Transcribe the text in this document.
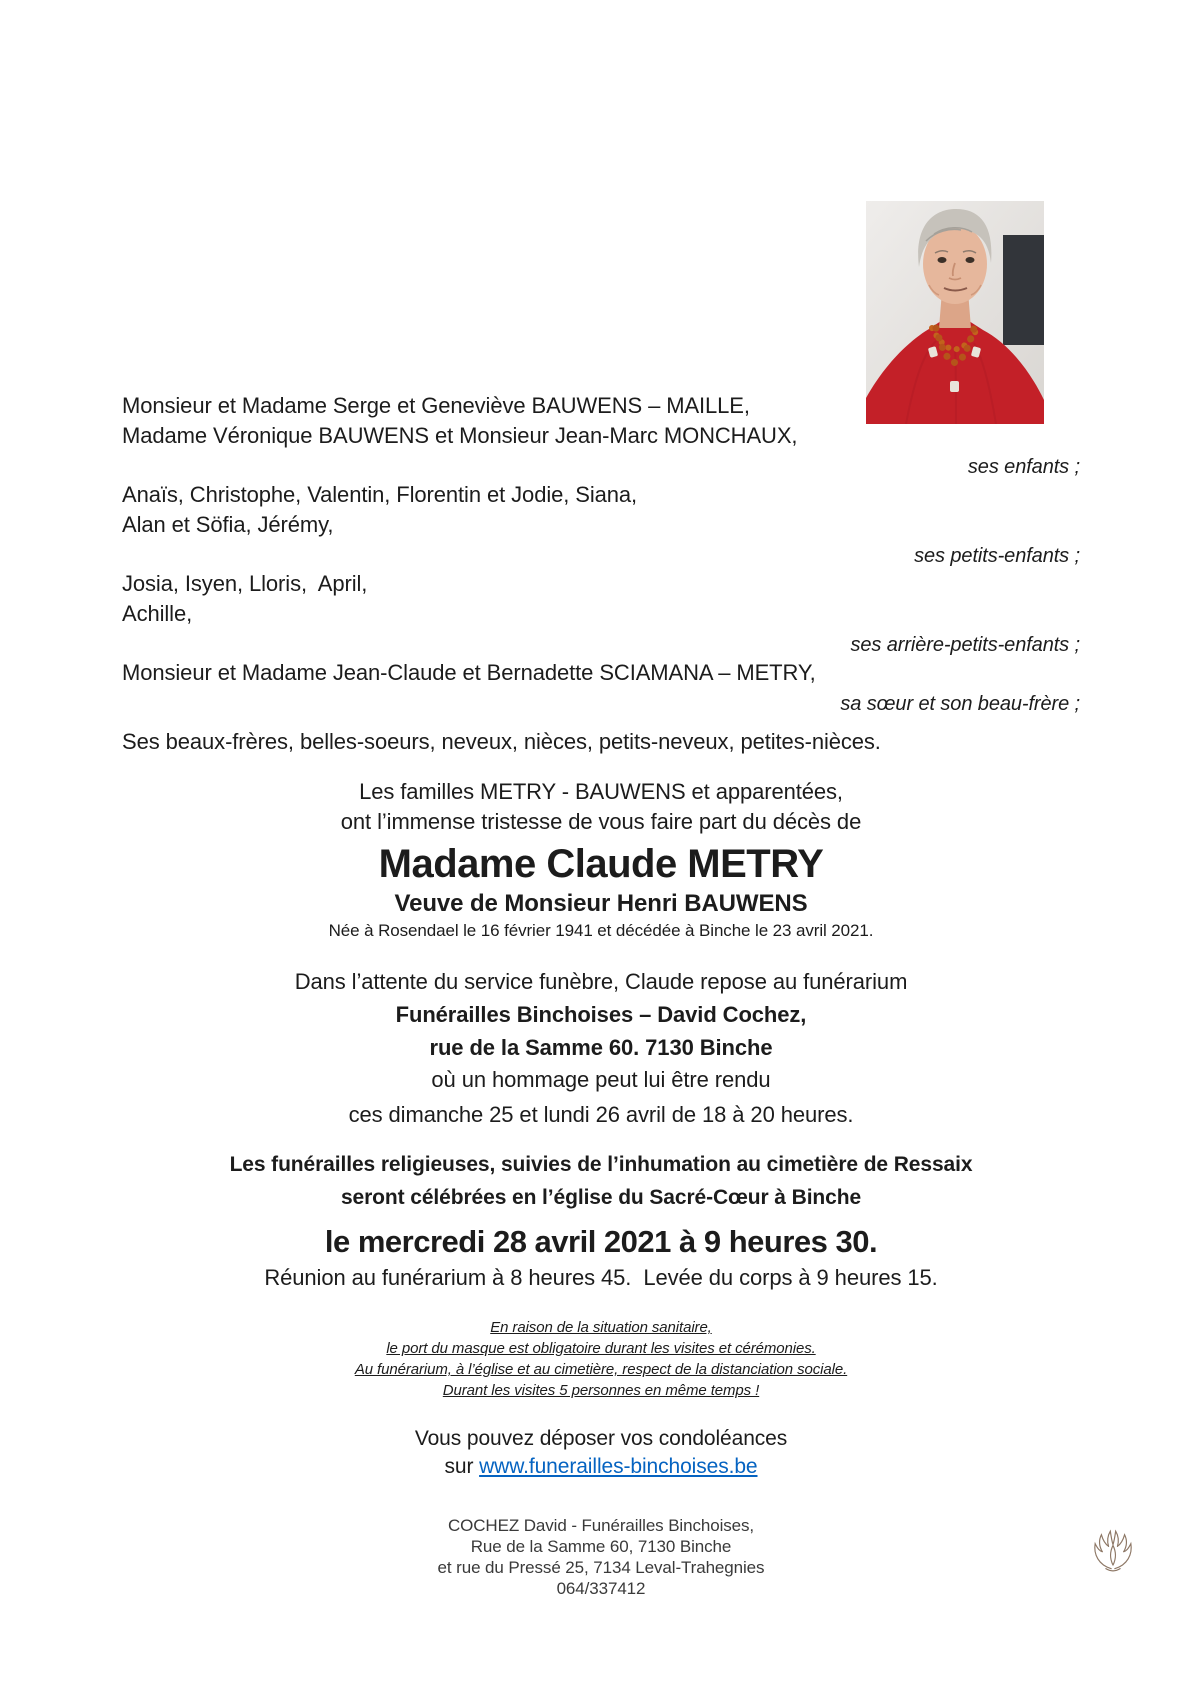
Monsieur et Madame Serge et Geneviève BAUWENS – MAILLE,
Madame Véronique BAUWENS et Monsieur Jean-Marc MONCHAUX,
ses enfants ;
Anaïs, Christophe, Valentin, Florentin et Jodie, Siana,
Alan et Söfia, Jérémy,
ses petits-enfants ;
Josia, Isyen, Lloris,  April,
Achille,
ses arrière-petits-enfants ;
Monsieur et Madame Jean-Claude et Bernadette SCIAMANA – METRY,
sa sœur et son beau-frère ;
Ses beaux-frères, belles-soeurs, neveux, nièces, petits-neveux, petites-nièces.
Les familles METRY - BAUWENS et apparentées,
ont l’immense tristesse de vous faire part du décès de
Madame Claude METRY
Veuve de Monsieur Henri BAUWENS
Née à Rosendael le 16 février 1941 et décédée à Binche le 23 avril 2021.
Dans l’attente du service funèbre, Claude repose au funérarium
Funérailles Binchoises – David Cochez,
rue de la Samme 60. 7130 Binche
où un hommage peut lui être rendu
ces dimanche 25 et lundi 26 avril de 18 à 20 heures.
Les funérailles religieuses, suivies de l’inhumation au cimetière de Ressaix
seront célébrées en l’église du Sacré-Cœur à Binche
le mercredi 28 avril 2021 à 9 heures 30.
Réunion au funérarium à 8 heures 45.  Levée du corps à 9 heures 15.
En raison de la situation sanitaire,
le port du masque est obligatoire durant les visites et cérémonies.
Au funérarium, à l’église et au cimetière, respect de la distanciation sociale.
Durant les visites 5 personnes en même temps !
Vous pouvez déposer vos condoléances
sur www.funerailles-binchoises.be
COCHEZ David - Funérailles Binchoises,
Rue de la Samme 60, 7130 Binche
et rue du Pressé 25, 7134 Leval-Trahegnies
064/337412
